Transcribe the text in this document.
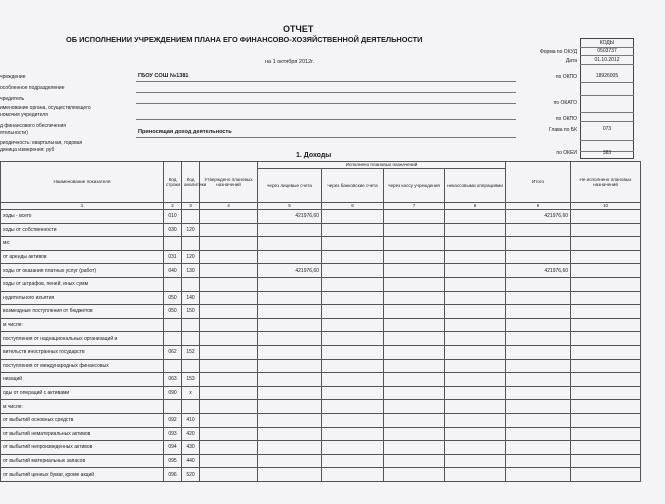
ОТЧЕТ
ОБ ИСПОЛНЕНИИ УЧРЕЖДЕНИЕМ ПЛАНА ЕГО ФИНАНСОВО-ХОЗЯЙСТВЕННОЙ ДЕЯТЕЛЬНОСТИ
на 1 октября 2012г.
КОДЫ
Форма по ОКУД	0503737
Дата	01.10.2012
по ОКПО	18926005
по ОКАТО
по ОКПО
Глава по БК	073
по ОКЕИ	383
чреждение	ГБОУ СОШ №1381
особленное подразделение
чредитель
именование органа, осуществляющего
номочия учредителя
д финансового обеспечения
ятельности)	Приносящая доход деятельность
риодичность: квартальная, годовая
диница измерения: руб
1. Доходы
Наименование показателя	Код строки	Код аналитики	Утверждено плановых назначений	Исполнено плановых назначений				Итого	Не исполнено плановых назначений
				через лицевые счета	через банковские счета	через кассу учреждения	некассовыми операциями		
1	2	3	4	5	6	7	8	9	10
ходы - всего	010			421976,60				421976,60	
ходы от собственности	030	120							
мх:									
от аренды активов	031	120							
ходы от оказания платных услуг (работ)	040	130		421976,60				421976,60	
ходы от штрафов, пеней, иных сумм									
нудительного изъятия	050	140							
возмездные поступления от бюджетов	050	150							
м числе:									
поступления от наднациональных организаций и									
вительств иностранных государств	062	152							
поступления от международных финансовых									
низаций	063	153							
оды от операций с активами	090	х							
м числе:									
от выбытий основных средств	092	410							
от выбытий нематериальных активов	093	420							
от выбытий непроизведенных активов	094	430							
от выбытий материальных запасов	095	440							
от выбытий ценных бумаг, кроме акций	096	520							
